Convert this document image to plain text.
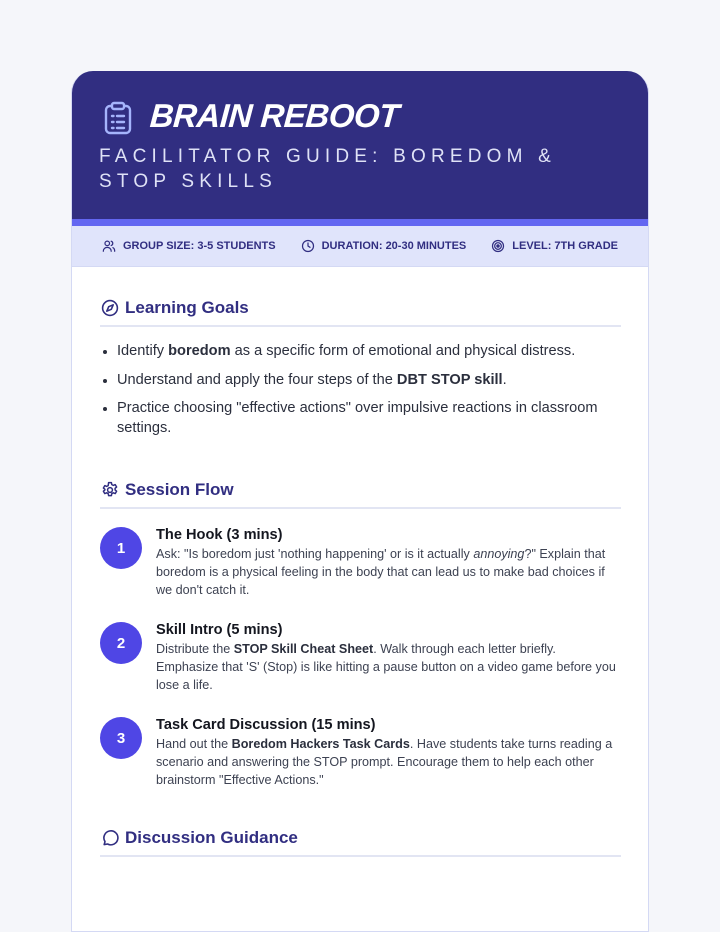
BRAIN REBOOT
FACILITATOR GUIDE: BOREDOM & STOP SKILLS
GROUP SIZE: 3-5 STUDENTS	DURATION: 20-30 MINUTES	LEVEL: 7TH GRADE
Learning Goals
• Identify boredom as a specific form of emotional and physical distress.
• Understand and apply the four steps of the DBT STOP skill.
• Practice choosing "effective actions" over impulsive reactions in classroom settings.
Session Flow
1
The Hook (3 mins)
Ask: "Is boredom just 'nothing happening' or is it actually annoying?" Explain that boredom is a physical feeling in the body that can lead us to make bad choices if we don't catch it.
2
Skill Intro (5 mins)
Distribute the STOP Skill Cheat Sheet. Walk through each letter briefly. Emphasize that 'S' (Stop) is like hitting a pause button on a video game before you lose a life.
3
Task Card Discussion (15 mins)
Hand out the Boredom Hackers Task Cards. Have students take turns reading a scenario and answering the STOP prompt. Encourage them to help each other brainstorm "Effective Actions."
Discussion Guidance
